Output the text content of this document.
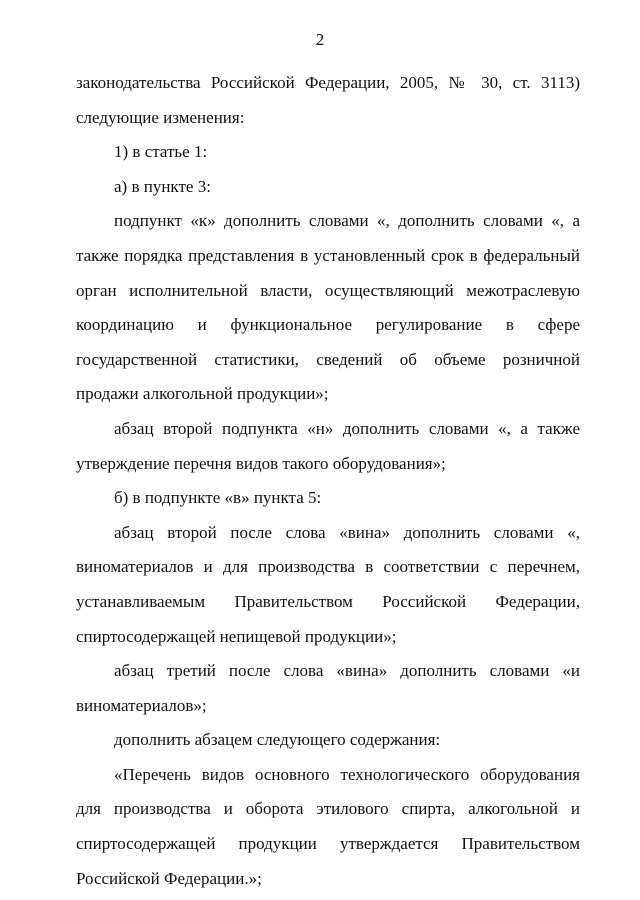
2

законодательства Российской Федерации, 2005, № 30, ст. 3113) следующие изменения:

1) в статье 1:

а) в пункте 3:

подпункт «к» дополнить словами «, дополнить словами «, а также порядка представления в установленный срок в федеральный орган исполнительной власти, осуществляющий межотраслевую координацию и функциональное регулирование в сфере государственной статистики, сведений об объеме розничной продажи алкогольной продукции»;

абзац второй подпункта «н» дополнить словами «, а также утверждение перечня видов такого оборудования»;

б) в подпункте «в» пункта 5:

абзац второй после слова «вина» дополнить словами «, виноматериалов и для производства в соответствии с перечнем, устанавливаемым Правительством Российской Федерации, спиртосодержащей непищевой продукции»;

абзац третий после слова «вина» дополнить словами «и виноматериалов»;

дополнить абзацем следующего содержания:

«Перечень видов основного технологического оборудования для производства и оборота этилового спирта, алкогольной и спиртосодержащей продукции утверждается Правительством Российской Федерации.»;
